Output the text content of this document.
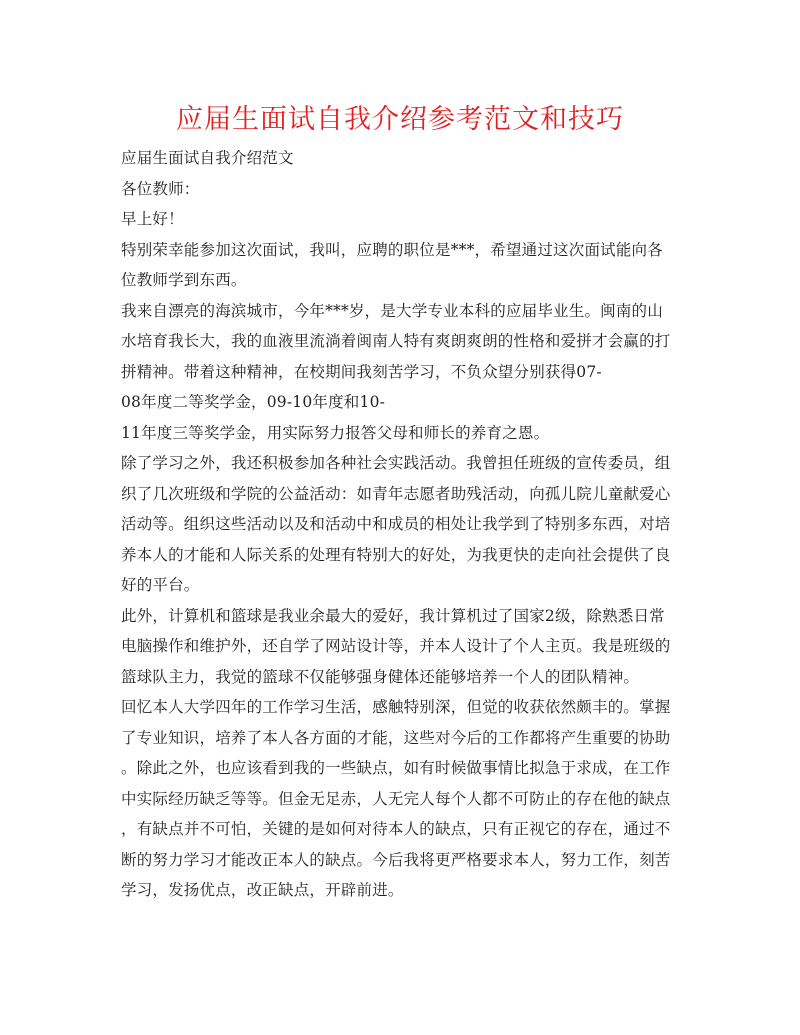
应届生面试自我介绍参考范文和技巧
应届生面试自我介绍范文
各位教师：
早上好！
特别荣幸能参加这次面试，我叫，应聘的职位是***，希望通过这次面试能向各
位教师学到东西。
我来自漂亮的海滨城市，今年***岁，是大学专业本科的应届毕业生。闽南的山
水培育我长大，我的血液里流淌着闽南人特有爽朗爽朗的性格和爱拼才会赢的打
拼精神。带着这种精神，在校期间我刻苦学习，不负众望分别获得07-
08年度二等奖学金，09-10年度和10-
11年度三等奖学金，用实际努力报答父母和师长的养育之恩。
除了学习之外，我还积极参加各种社会实践活动。我曾担任班级的宣传委员，组
织了几次班级和学院的公益活动：如青年志愿者助残活动，向孤儿院儿童献爱心
活动等。组织这些活动以及和活动中和成员的相处让我学到了特别多东西，对培
养本人的才能和人际关系的处理有特别大的好处，为我更快的走向社会提供了良
好的平台。
此外，计算机和篮球是我业余最大的爱好，我计算机过了国家2级，除熟悉日常
电脑操作和维护外，还自学了网站设计等，并本人设计了个人主页。我是班级的
篮球队主力，我觉的篮球不仅能够强身健体还能够培养一个人的团队精神。
回忆本人大学四年的工作学习生活，感触特别深，但觉的收获依然颇丰的。掌握
了专业知识，培养了本人各方面的才能，这些对今后的工作都将产生重要的协助
。除此之外，也应该看到我的一些缺点，如有时候做事情比拟急于求成，在工作
中实际经历缺乏等等。但金无足赤，人无完人每个人都不可防止的存在他的缺点
，有缺点并不可怕，关键的是如何对待本人的缺点，只有正视它的存在，通过不
断的努力学习才能改正本人的缺点。今后我将更严格要求本人，努力工作，刻苦
学习，发扬优点，改正缺点，开辟前进。
